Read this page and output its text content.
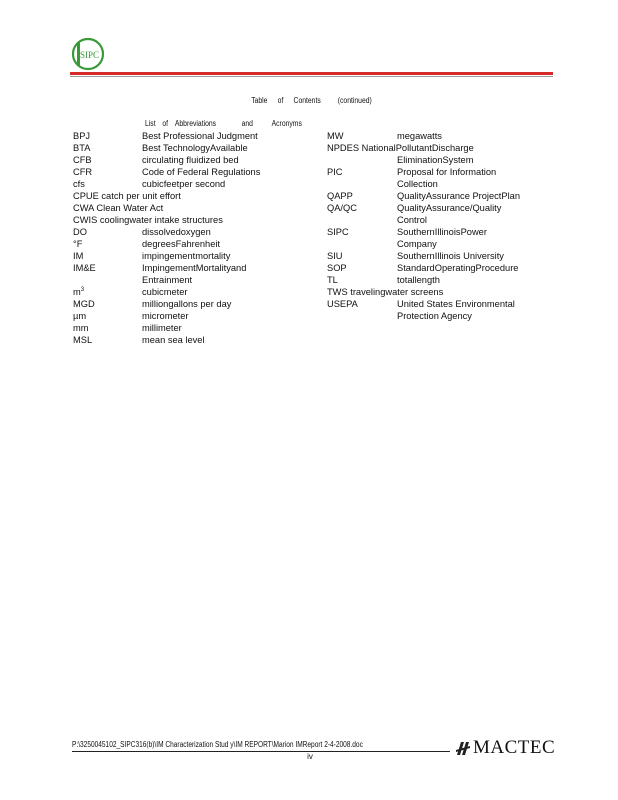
SIPC
Table of Contents (continued)
List of Abbreviations	and Acronyms
BPJ	Best Professional Judgment
BTA	Best TechnologyAvailable
CFB	circulating fluidized bed
CFR	Code of Federal Regulations
cfs	cubicfeetper second
CPUE catch per unit effort
CWA Clean Water Act
CWIS coolingwater intake structures
DO	dissolvedoxygen
°F	degreesFahrenheit
IM	impingementmortality
IM&E	ImpingementMortalityand
Entrainment
$m^3$	cubicmeter
MGD	milliongallons per day
µm	micrometer
mm	millimeter
MSL	mean sea level
MW	megawatts
NPDES NationalPollutantDischarge
EliminationSystem
PIC	Proposal for Information
Collection
QAPP	QualityAssurance ProjectPlan
QA/QC	QualityAssurance/Quality
Control
SIPC	SouthernIllinoisPower
Company
SIU	SouthernIllinois University
SOP	StandardOperatingProcedure
TL	totallength
TWS travelingwater screens
USEPA	United States Environmental
Protection Agency
P:\3250045102_SIPC316(b)\IM Characterization Stud y\IM REPORT\Marion IMReport 2-4-2008.doc
iv	MACTEC
